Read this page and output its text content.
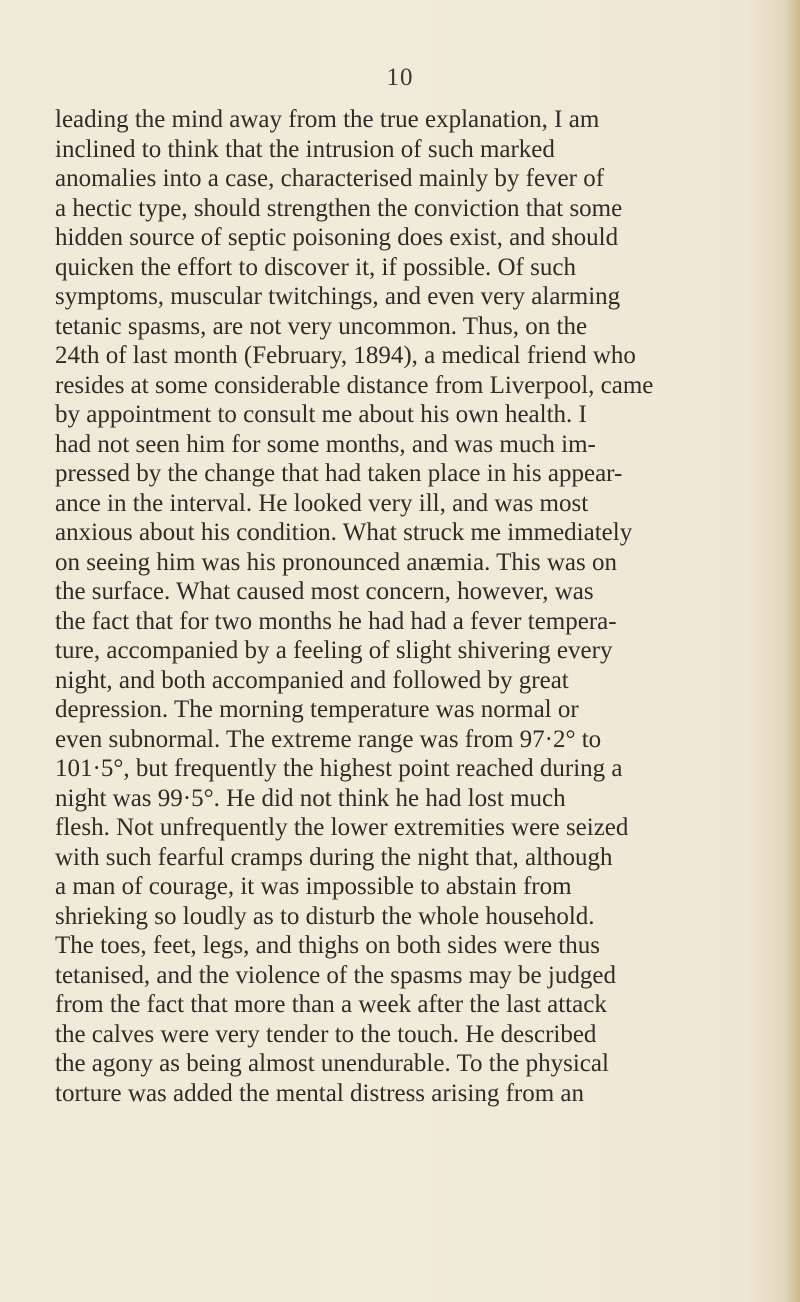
10
leading the mind away from the true explanation, I am
inclined to think that the intrusion of such marked
anomalies into a case, characterised mainly by fever of
a hectic type, should strengthen the conviction that some
hidden source of septic poisoning does exist, and should
quicken the effort to discover it, if possible. Of such
symptoms, muscular twitchings, and even very alarming
tetanic spasms, are not very uncommon. Thus, on the
24th of last month (February, 1894), a medical friend who
resides at some considerable distance from Liverpool, came
by appointment to consult me about his own health. I
had not seen him for some months, and was much im-
pressed by the change that had taken place in his appear-
ance in the interval. He looked very ill, and was most
anxious about his condition. What struck me immediately
on seeing him was his pronounced anæmia. This was on
the surface. What caused most concern, however, was
the fact that for two months he had had a fever tempera-
ture, accompanied by a feeling of slight shivering every
night, and both accompanied and followed by great
depression. The morning temperature was normal or
even subnormal. The extreme range was from 97·2° to
101·5°, but frequently the highest point reached during a
night was 99·5°. He did not think he had lost much
flesh. Not unfrequently the lower extremities were seized
with such fearful cramps during the night that, although
a man of courage, it was impossible to abstain from
shrieking so loudly as to disturb the whole household.
The toes, feet, legs, and thighs on both sides were thus
tetanised, and the violence of the spasms may be judged
from the fact that more than a week after the last attack
the calves were very tender to the touch. He described
the agony as being almost unendurable. To the physical
torture was added the mental distress arising from an
